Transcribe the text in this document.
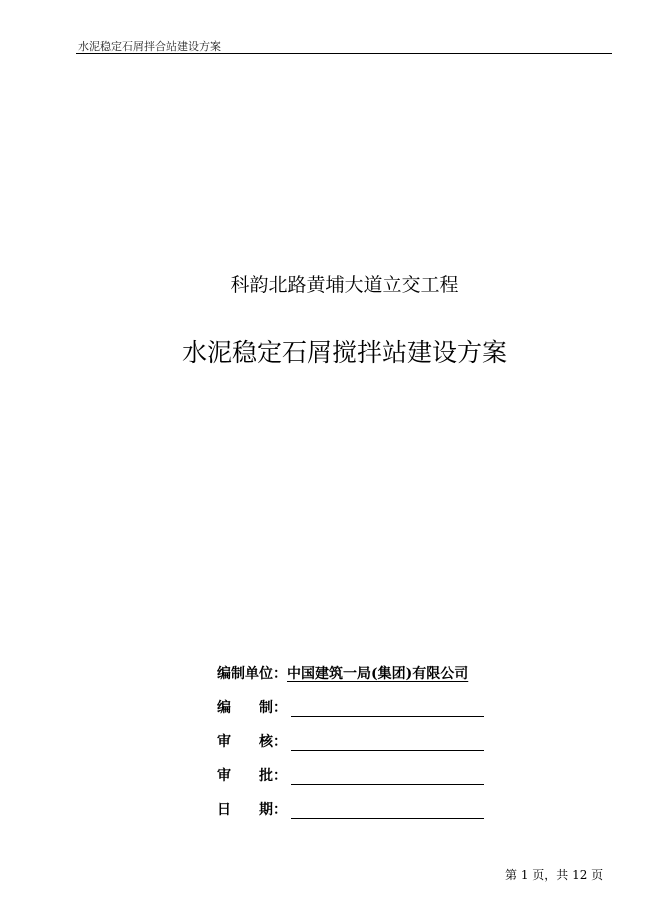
水泥稳定石屑拌合站建设方案
科韵北路黄埔大道立交工程
水泥稳定石屑搅拌站建设方案
编制单位： 中国建筑一局(集团)有限公司
编 制 ：
审 核 ：
审 批 ：
日 期 ：
第 1 页，共 12 页
